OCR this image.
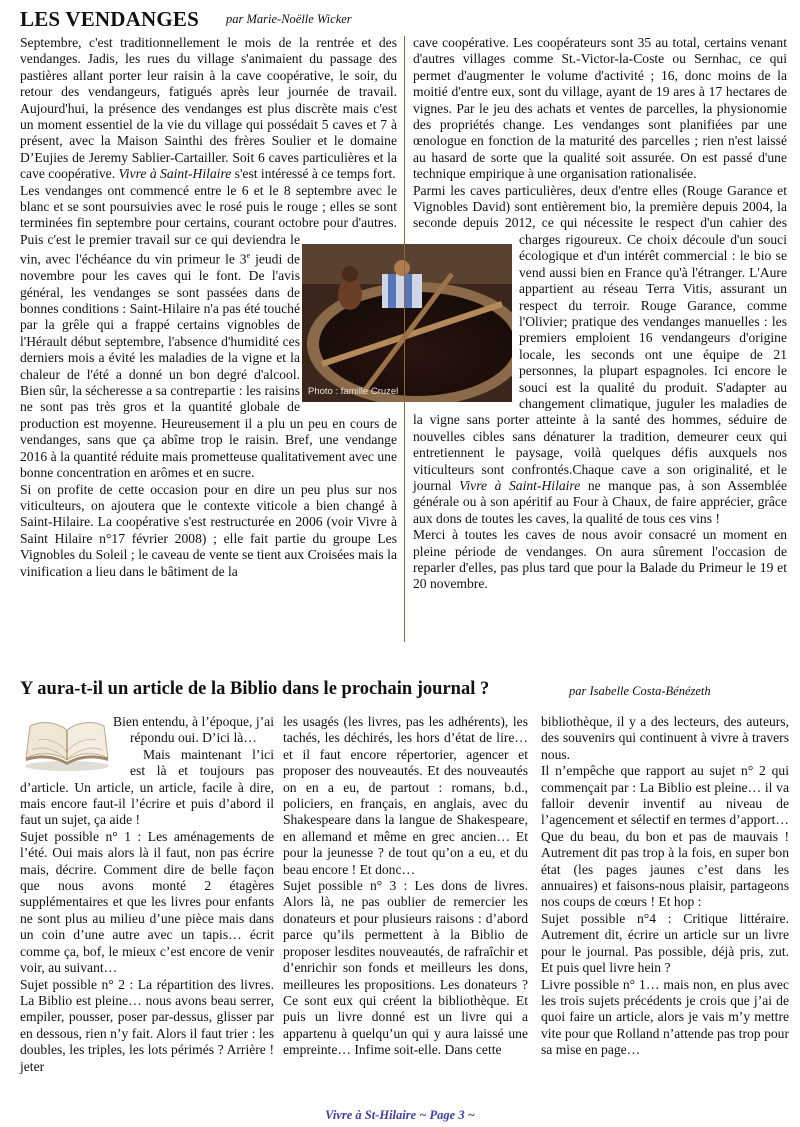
LES VENDANGES par Marie-Noëlle Wicker
Photo : famille Cruzel

Septembre, c'est traditionnellement le mois de la rentrée et des vendanges. Jadis, les rues du village s'animaient du passage des pastières allant porter leur raisin à la cave coopérative, le soir, du retour des vendangeurs, fatigués après leur journée de travail. Aujourd'hui, la présence des vendanges est plus discrète mais c'est un moment essentiel de la vie du village qui possédait 5 caves et 7 à présent, avec la Maison Sainthi des frères Soulier et le domaine D’Eujies de Jeremy Sablier-Cartailler. Soit 6 caves particulières et la cave coopérative. Vivre à Saint-Hilaire s'est intéressé à ce temps fort.

Les vendanges ont commencé entre le 6 et le 8 septembre avec le blanc et se sont poursuivies avec le rosé puis le rouge ; elles se sont terminées fin septembre pour certains, courant octobre pour d'autres. Puis c'est le premier travail sur ce qui deviendra le vin, avec l'échéance du vin primeur le 3e jeudi de novembre pour les caves qui le font. De l'avis général, les vendanges se sont passées dans de bonnes conditions : Saint-Hilaire n'a pas été touché par la grêle qui a frappé certains vignobles de l'Hérault début septembre, l'absence d'humidité ces derniers mois a évité les maladies de la vigne et la chaleur de l'été a donné un bon degré d'alcool. Bien sûr, la sécheresse a sa contrepartie : les raisins ne sont pas très gros et la quantité globale de production est moyenne. Heureusement il a plu un peu en cours de vendanges, sans que ça abîme trop le raisin. Bref, une vendange 2016 à la quantité réduite mais prometteuse qualitativement avec une bonne concentration en arômes et en sucre.

Si on profite de cette occasion pour en dire un peu plus sur nos viticulteurs, on ajoutera que le contexte viticole a bien changé à Saint-Hilaire. La coopérative s'est restructurée en 2006 (voir Vivre à Saint Hilaire n°17 février 2008) ; elle fait partie du groupe Les Vignobles du Soleil ; le caveau de vente se tient aux Croisées mais la vinification a lieu dans le bâtiment de la

cave coopérative. Les coopérateurs sont 35 au total, certains venant d'autres villages comme St.-Victor-la-Coste ou Sernhac, ce qui permet d'augmenter le volume d'activité ; 16, donc moins de la moitié d'entre eux, sont du village, ayant de 19 ares à 17 hectares de vignes. Par le jeu des achats et ventes de parcelles, la physionomie des propriétés change. Les vendanges sont planifiées par une œnologue en fonction de la maturité des parcelles ; rien n'est laissé au hasard de sorte que la qualité soit assurée. On est passé d'une technique empirique à une organisation rationalisée.

Parmi les caves particulières, deux d'entre elles (Rouge Garance et Vignobles David) sont entièrement bio, la première depuis 2004, la seconde depuis 2012, ce qui nécessite le respect d'un cahier des charges rigoureux. Ce choix découle d'un souci écologique et d'un intérêt commercial : le bio se vend aussi bien en France qu'à l'étranger. L'Aure appartient au réseau Terra Vitis, assurant un respect du terroir. Rouge Garance, comme l'Olivier; pratique des vendanges manuelles : les premiers emploient 16 vendangeurs d'origine locale, les seconds ont une équipe de 21 personnes, la plupart espagnoles. Ici encore le souci est la qualité du produit. S'adapter au changement climatique, juguler les maladies de la vigne sans porter atteinte à la santé des hommes, séduire de nouvelles cibles sans dénaturer la tradition, demeurer ceux qui entretiennent le paysage, voilà quelques défis auxquels nos viticulteurs sont confrontés.Chaque cave a son originalité, et le journal Vivre à Saint-Hilaire ne manque pas, à son Assemblée générale ou à son apéritif au Four à Chaux, de faire apprécier, grâce aux dons de toutes les caves, la qualité de tous ces vins !

Merci à toutes les caves de nous avoir consacré un moment en pleine période de vendanges. On aura sûrement l'occasion de reparler d'elles, pas plus tard que pour la Balade du Primeur le 19 et 20 novembre.

Y aura-t-il un article de la Biblio dans le prochain journal ?	par Isabelle Costa-Bénézeth

Bien entendu, à l’époque, j’ai répondu oui. D’ici là…

Mais maintenant l’ici est là et toujours pas d’article. Un article, un article, facile à dire, mais encore faut-il l’écrire et puis d’abord il faut un sujet, ça aide !

Sujet possible n° 1 : Les aménagements de l’été. Oui mais alors là il faut, non pas écrire mais, décrire. Comment dire de belle façon que nous avons monté 2 étagères supplémentaires et que les livres pour enfants ne sont plus au milieu d’une pièce mais dans un coin d’une autre avec un tapis… écrit comme ça, bof, le mieux c’est encore de venir voir, au suivant…

Sujet possible n° 2 : La répartition des livres. La Biblio est pleine… nous avons beau serrer, empiler, pousser, poser par-dessus, glisser par en dessous, rien n’y fait. Alors il faut trier : les doubles, les triples, les lots périmés ? Arrière ! jeter

les usagés (les livres, pas les adhérents), les tachés, les déchirés, les hors d’état de lire… et il faut encore répertorier, agencer et proposer des nouveautés. Et des nouveautés on en a eu, de partout : romans, b.d., policiers, en français, en anglais, avec du Shakespeare dans la langue de Shakespeare, en allemand et même en grec ancien… Et pour la jeunesse ? de tout qu’on a eu, et du beau encore ! Et donc…

Sujet possible n° 3 : Les dons de livres. Alors là, ne pas oublier de remercier les donateurs et pour plusieurs raisons : d’abord parce qu’ils permettent à la Biblio de proposer lesdites nouveautés, de rafraîchir et d’enrichir son fonds et meilleurs les dons, meilleures les propositions. Les donateurs ? Ce sont eux qui créent la bibliothèque. Et puis un livre donné est un livre qui a appartenu à quelqu’un qui y aura laissé une empreinte… Infime soit-elle. Dans cette

bibliothèque, il y a des lecteurs, des auteurs, des souvenirs qui continuent à vivre à travers nous.

Il n’empêche que rapport au sujet n° 2 qui commençait par : La Biblio est pleine… il va falloir devenir inventif au niveau de l’agencement et sélectif en termes d’apport… Que du beau, du bon et pas de mauvais ! Autrement dit pas trop à la fois, en super bon état (les pages jaunes c’est dans les annuaires) et faisons-nous plaisir, partageons nos coups de cœurs ! Et hop :

Sujet possible n°4 : Critique littéraire. Autrement dit, écrire un article sur un livre pour le journal. Pas possible, déjà pris, zut. Et puis quel livre hein ?

Livre possible n° 1… mais non, en plus avec les trois sujets précédents je crois que j’ai de quoi faire un article, alors je vais m’y mettre vite pour que Rolland n’attende pas trop pour sa mise en page…

Vivre à St-Hilaire ~ Page 3 ~
